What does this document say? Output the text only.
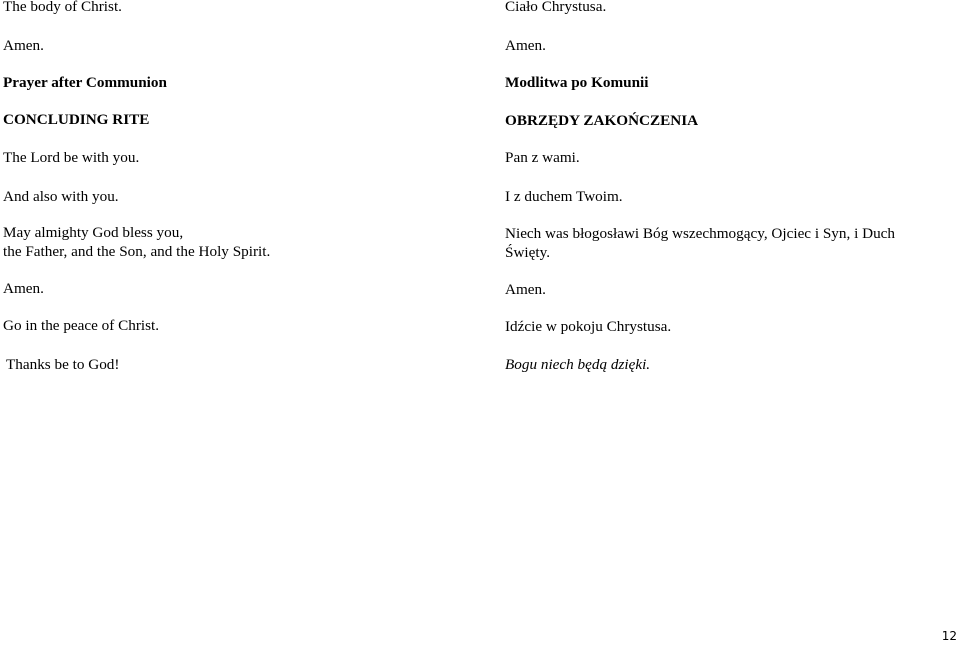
The body of Christ.
Amen.
Prayer after Communion
CONCLUDING RITE
The Lord be with you.
And also with you.
May almighty God bless you,
the Father, and the Son, and the Holy Spirit.
Amen.
Go in the peace of Christ.
Thanks be to God!
Ciało Chrystusa.
Amen.
Modlitwa po Komunii
OBRZĘDY ZAKOŃCZENIA
Pan z wami.
I z duchem Twoim.
Niech was błogosławi Bóg wszechmogący, Ojciec i Syn, i Duch
Święty.
Amen.
Idźcie w pokoju Chrystusa.
Bogu niech będą dzięki.
12
